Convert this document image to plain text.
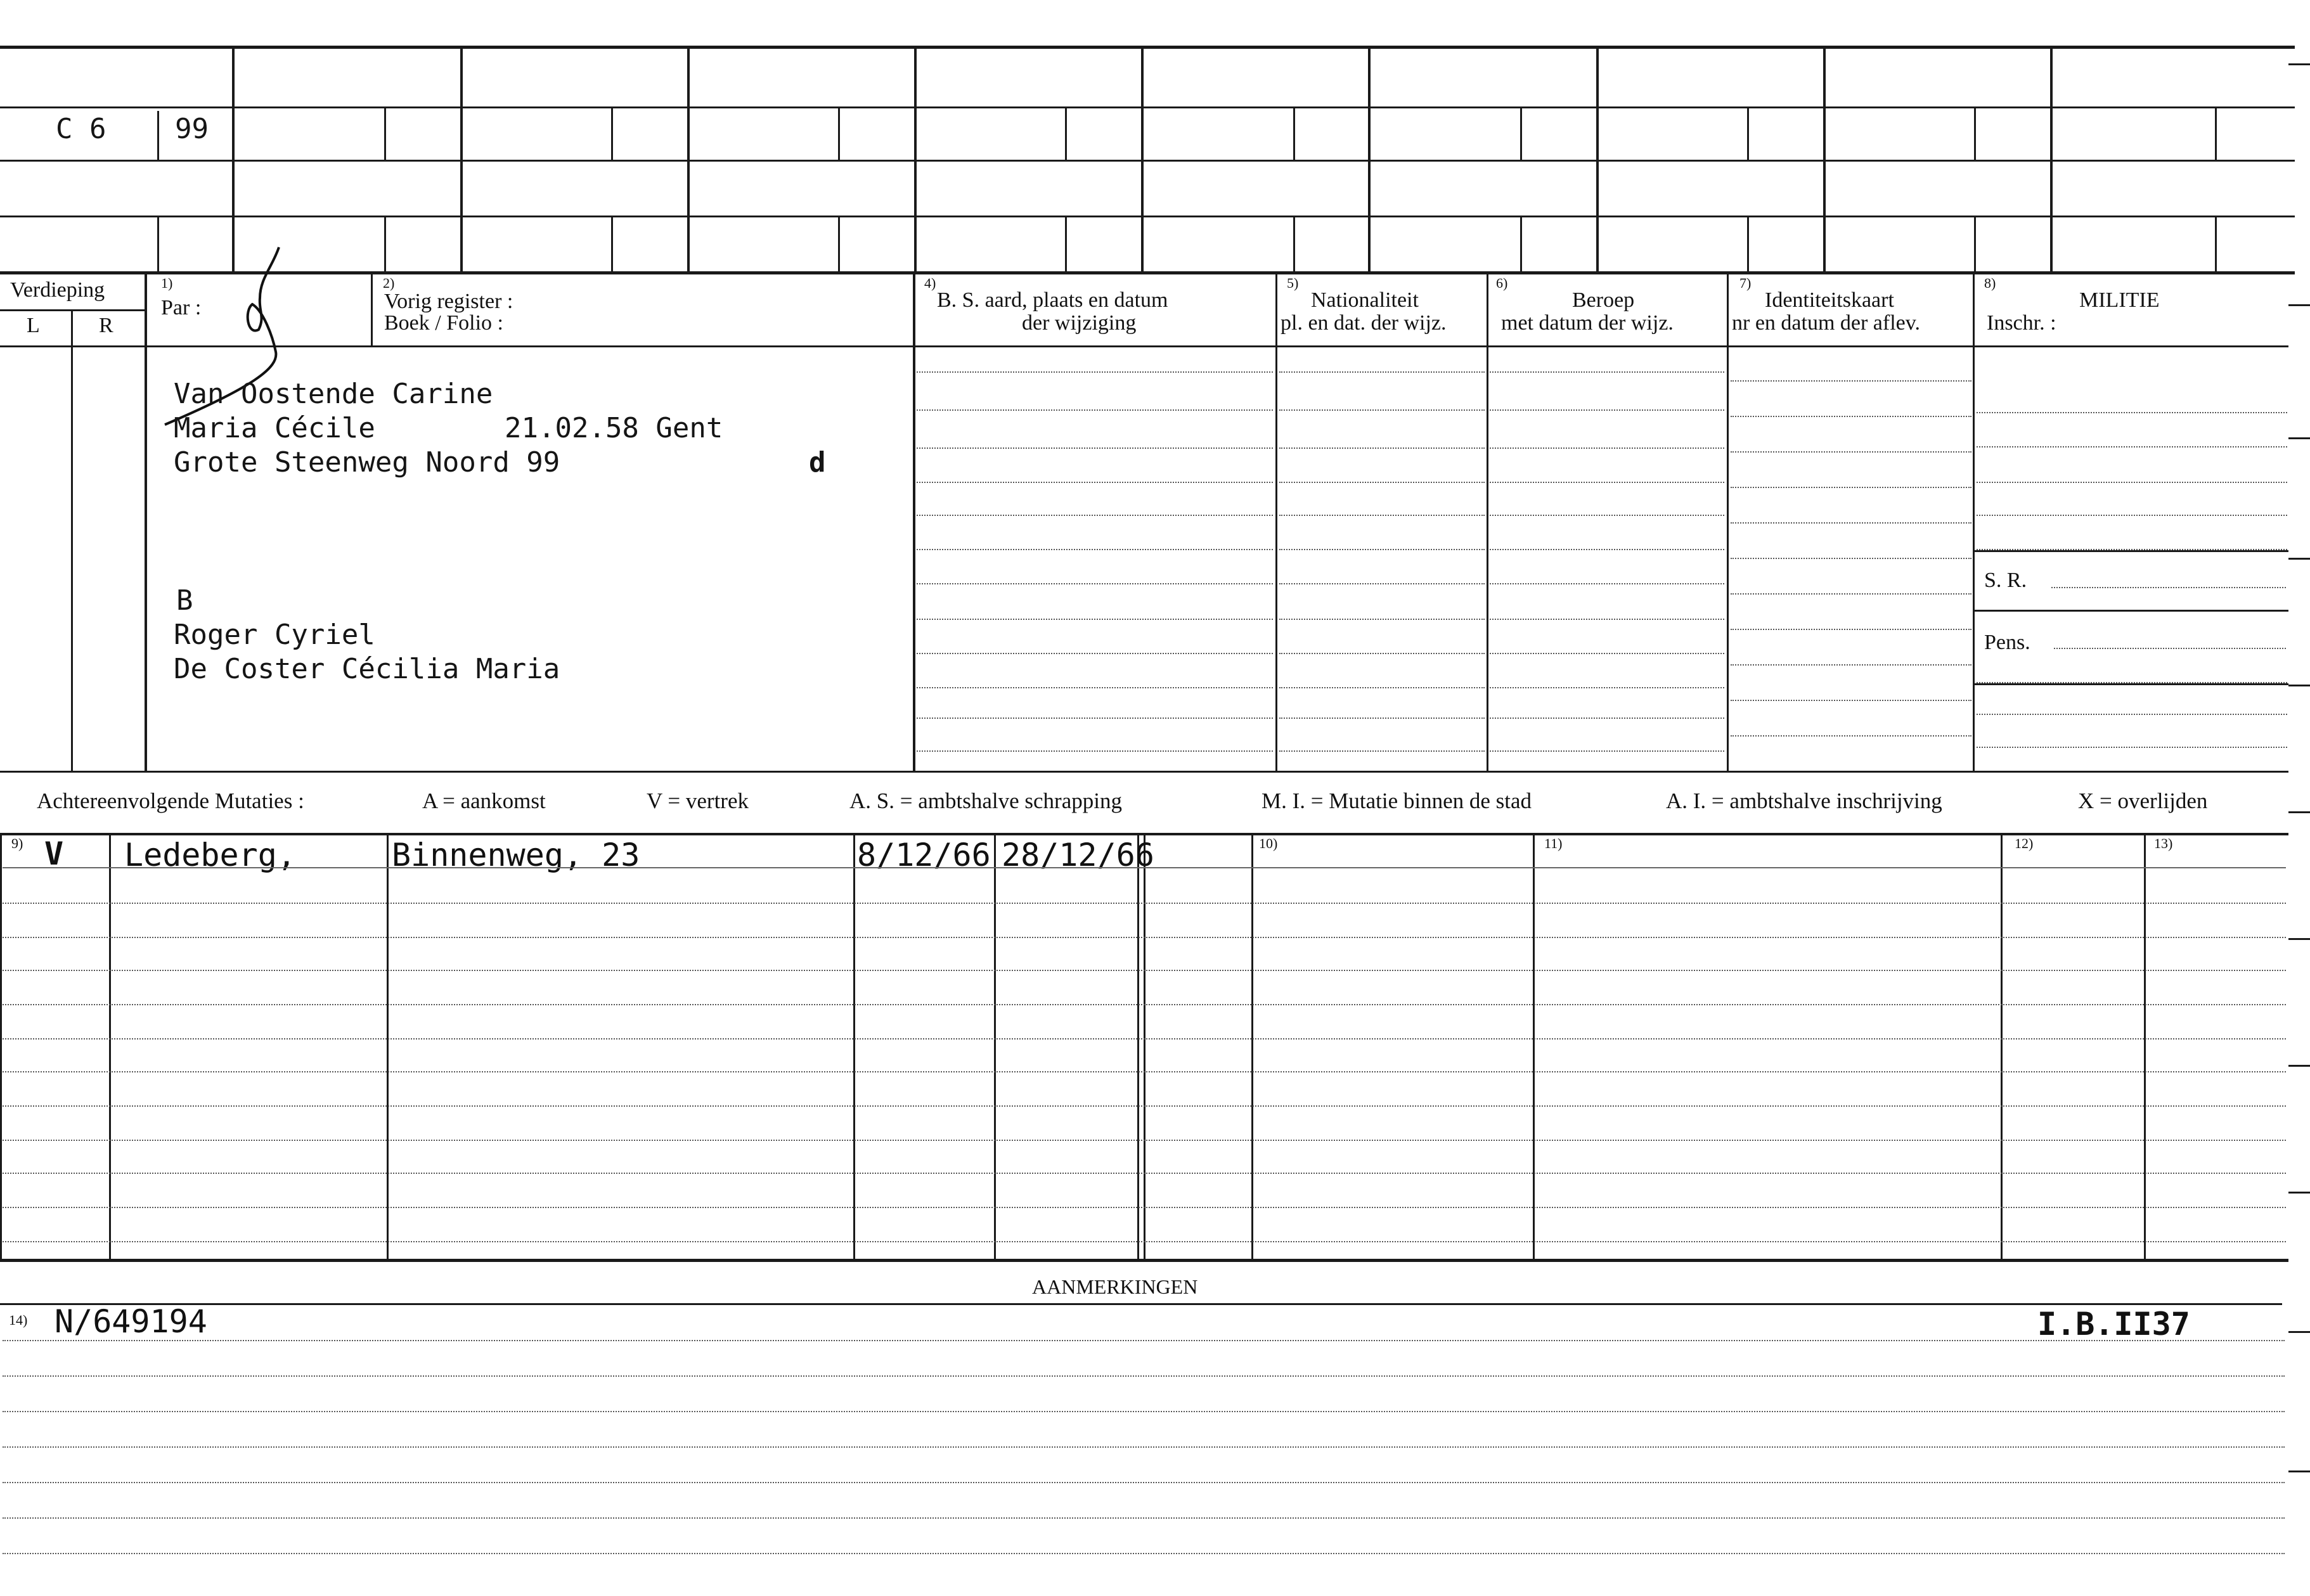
C 6 99
Verdieping
L	R
1)
Par :
2)
Vorig register :
Boek / Folio :
4)
B. S. aard, plaats en datum
der wijziging
5)
Nationaliteit
pl. en dat. der wijz.
6)
Beroep
met datum der wijz.
7)
Identiteitskaart
nr en datum der aflev.
8)
MILITIE
Inschr. :
Van Oostende Carine
Maria Cécile	21.02.58 Gent
Grote Steenweg Noord 99	d
B
Roger Cyriel
De Coster Cécilia Maria
S. R.
Pens.
Achtereenvolgende Mutaties :	A = aankomst	V = vertrek	A. S. = ambtshalve schrapping	M. I. = Mutatie binnen de stad	A. I. = ambtshalve inschrijving	X = overlijden
9)	10)	11)	12)	13)
V Ledeberg,	Binnenweg, 23	8/12/66 28/12/66
AANMERKINGEN
14) N/649194	I.B.II37
